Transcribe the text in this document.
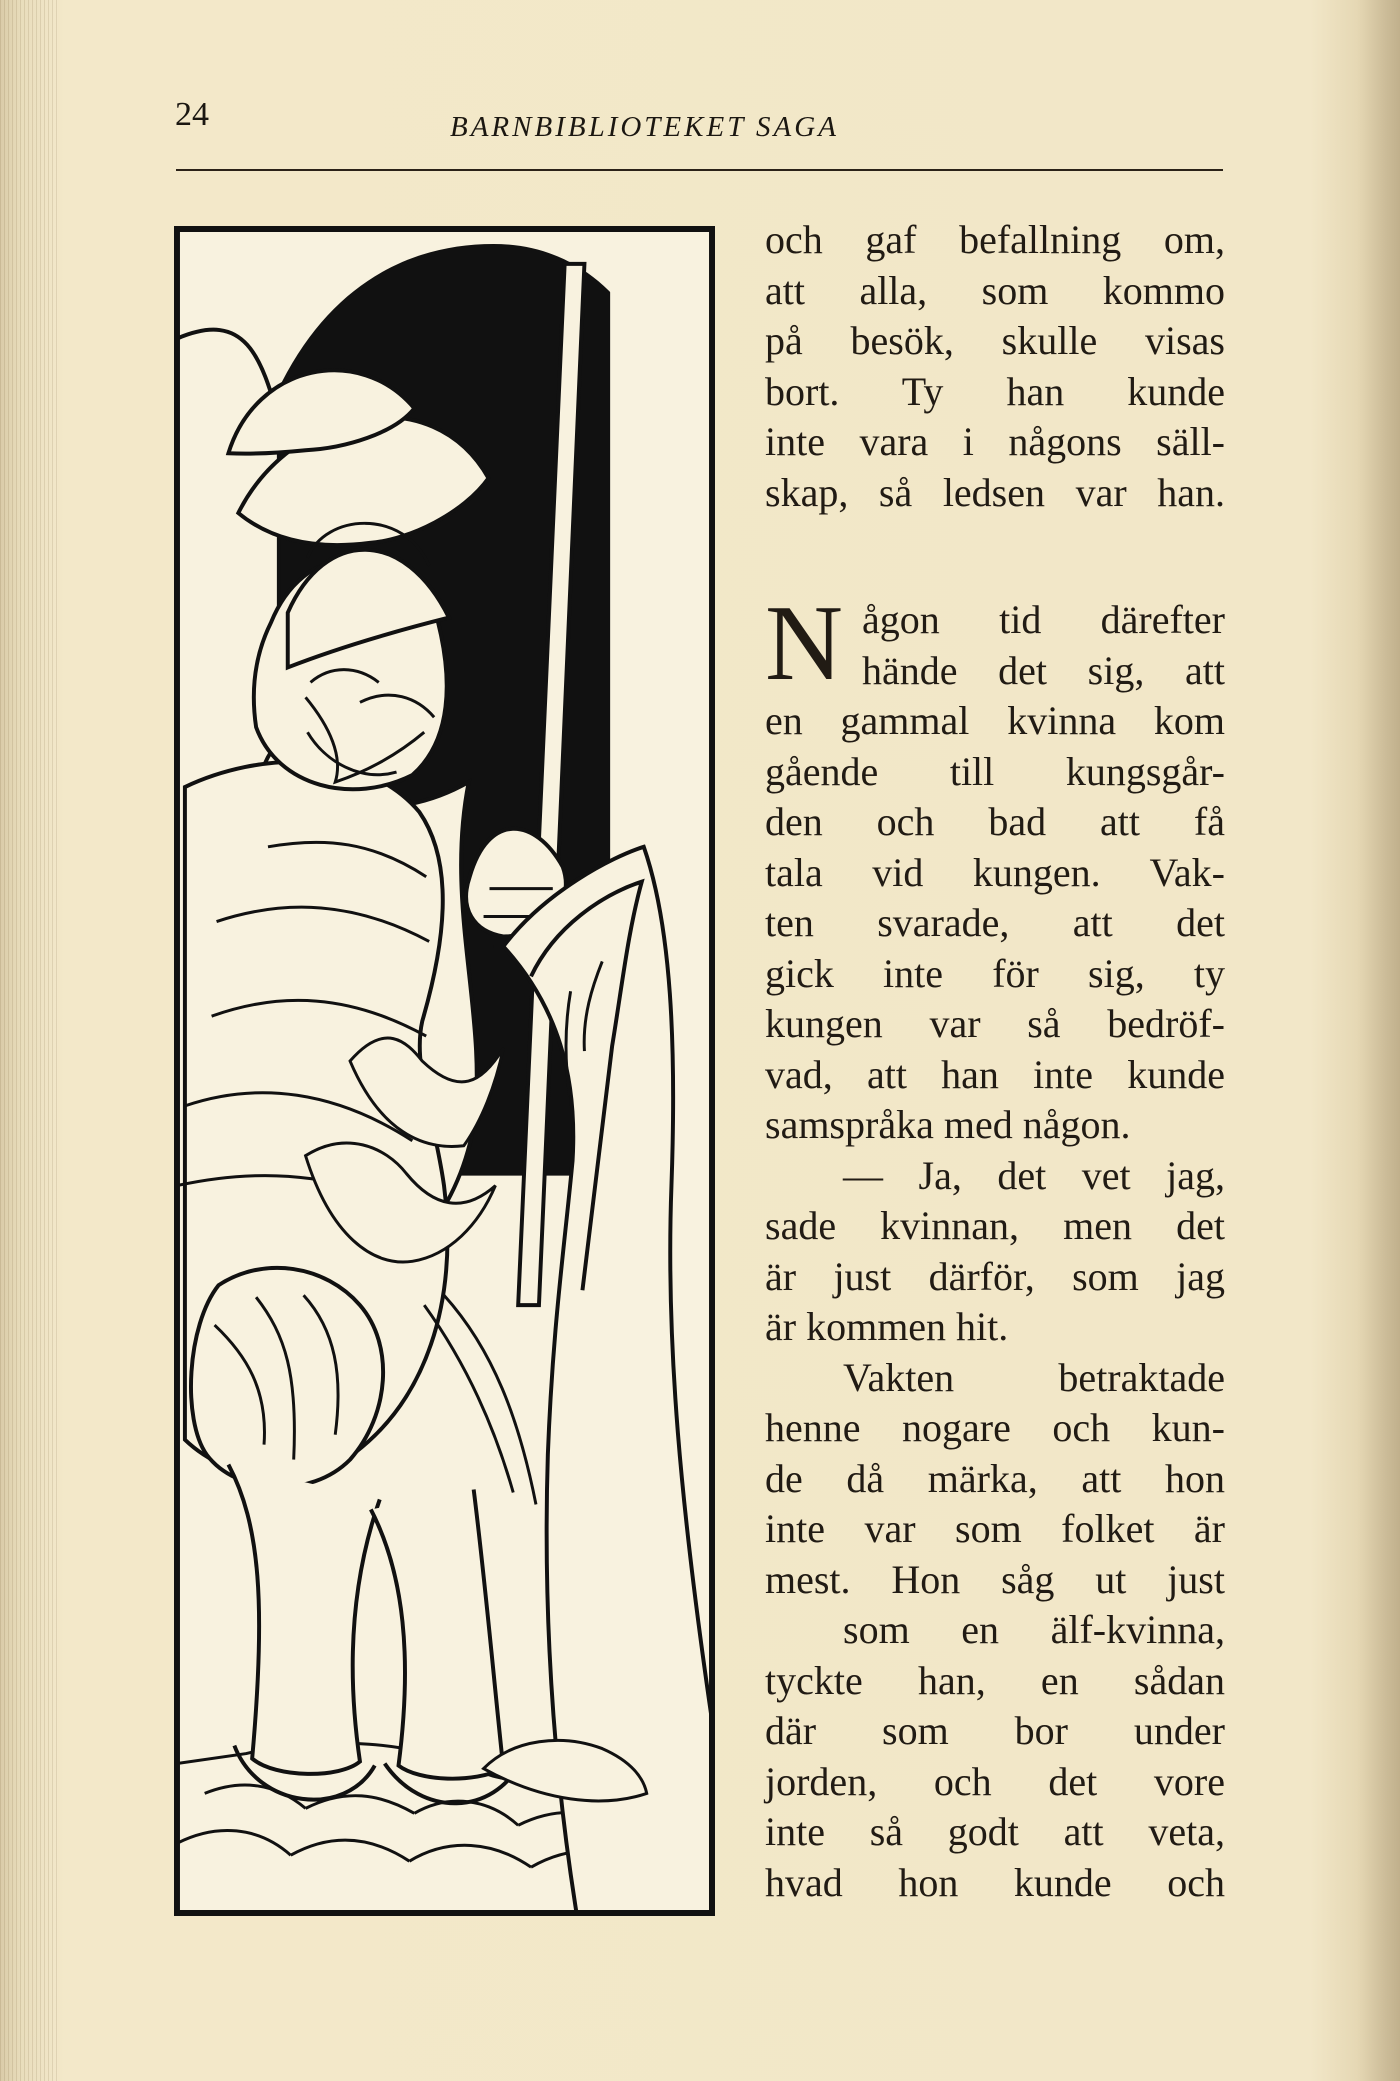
24	BARNBIBLIOTEKET SAGA
och gaf befallning om,
att alla, som kommo
på besök, skulle visas
bort. Ty han kunde
inte vara i någons säll-
skap, så ledsen var han.
N ågon tid därefter
hände det sig, att
en gammal kvinna kom
gående till kungsgår-
den och bad att få
tala vid kungen. Vak-
ten svarade, att det
gick inte för sig, ty
kungen var så bedröf-
vad, att han inte kunde
samspråka med någon.
— Ja, det vet jag,
sade kvinnan, men det
är just därför, som jag
är kommen hit.
Vakten betraktade
henne nogare och kun-
de då märka, att hon
inte var som folket är
mest. Hon såg ut just
som en älf-kvinna,
tyckte han, en sådan
där som bor under
jorden, och det vore
inte så godt att veta,
hvad hon kunde och
